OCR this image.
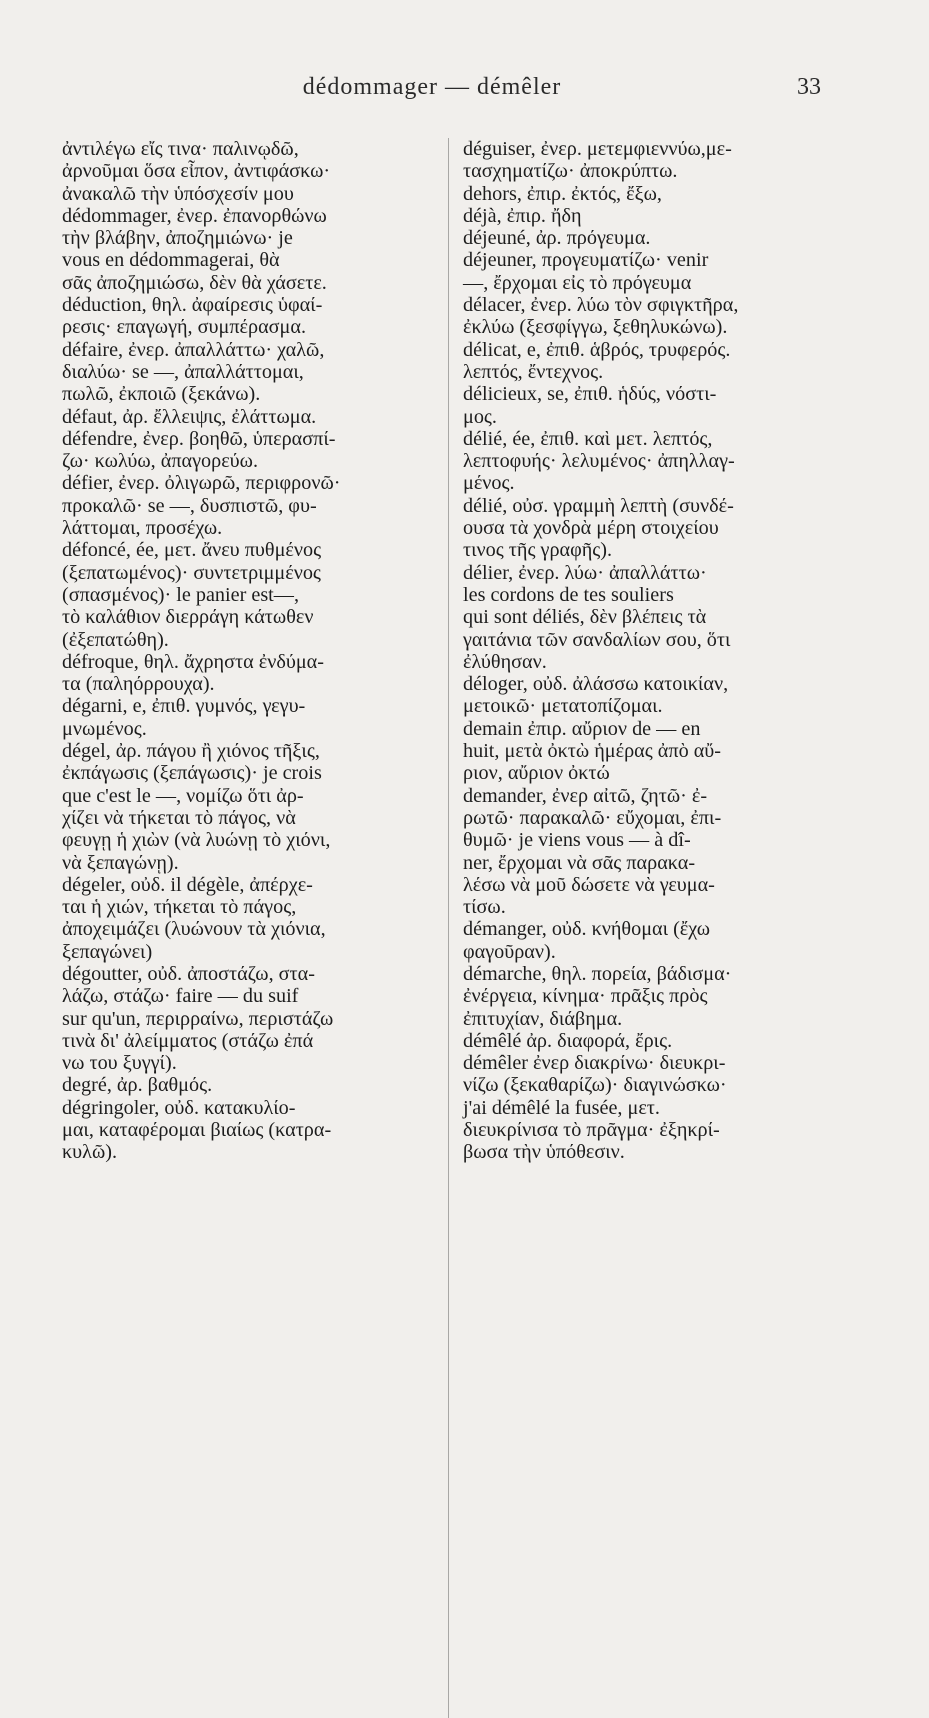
dédommager — démêler	33
ἀντιλέγω εἴς τινα· παλινῳδῶ,
ἀρνοῦμαι ὅσα εἶπον, ἀντιφάσκω·
ἀνακαλῶ τὴν ὑπόσχεσίν μου
dédommager, ἐνερ. ἐπανορθώνω
τὴν βλάβην, ἀποζημιώνω· je
vous en dédommagerai, θὰ
σᾶς ἀποζημιώσω, δὲν θὰ χάσετε.
déduction, θηλ. ἀφαίρεσις ὑφαί-
ρεσις· επαγωγή, συμπέρασμα.
défaire, ἐνερ. ἀπαλλάττω· χαλῶ,
διαλύω· se —, ἀπαλλάττομαι,
πωλῶ, ἐκποιῶ (ξεκάνω).
défaut, ἀρ. ἔλλειψις, ἐλάττωμα.
défendre, ἐνερ. βοηθῶ, ὑπερασπί-
ζω· κωλύω, ἀπαγορεύω.
défier, ἐνερ. ὀλιγωρῶ, περιφρονῶ·
προκαλῶ· se —, δυσπιστῶ, φυ-
λάττομαι, προσέχω.
défoncé, ée, μετ. ἄνευ πυθμένος
(ξεπατωμένος)· συντετριμμένος
(σπασμένος)· le panier est—,
τὸ καλάθιον διερράγη κάτωθεν
(ἐξεπατώθη).
défroque, θηλ. ἄχρηστα ἐνδύμα-
τα (παληόρρουχα).
dégarni, e, ἐπιθ. γυμνός, γεγυ-
μνωμένος.
dégel, ἀρ. πάγου ἢ χιόνος τῆξις,
ἐκπάγωσις (ξεπάγωσις)· je crois
que c'est le —, νομίζω ὅτι ἀρ-
χίζει νὰ τήκεται τὸ πάγος, νὰ
φευγῃ ἡ χιὼν (νὰ λυώνῃ τὸ χιόνι,
νὰ ξεπαγώνῃ).
dégeler, οὐδ. il dégèle, ἀπέρχε-
ται ἡ χιών, τήκεται τὸ πάγος,
ἀποχειμάζει (λυώνουν τὰ χιόνια,
ξεπαγώνει)
dégoutter, οὐδ. ἀποστάζω, στα-
λάζω, στάζω· faire — du suif
sur qu'un, περιρραίνω, περιστάζω
τινὰ δι' ἀλείμματος (στάζω ἐπά
νω του ξυγγί).
degré, ἀρ. βαθμός.
dégringoler, οὐδ. κατακυλίο-
μαι, καταφέρομαι βιαίως (κατρα-
κυλῶ).
déguiser, ἐνερ. μετεμφιεννύω,με-
τασχηματίζω· ἀποκρύπτω.
dehors, ἐπιρ. ἐκτός, ἔξω,
déjà, ἐπιρ. ἤδη
déjeuné, ἀρ. πρόγευμα.
déjeuner, προγευματίζω· venir
—, ἔρχομαι εἰς τὸ πρόγευμα
délacer, ἐνερ. λύω τὸν σφιγκτῆρα,
ἐκλύω (ξεσφίγγω, ξεθηλυκώνω).
délicat, e, ἐπιθ. ἁβρός, τρυφερός.
λεπτός, ἔντεχνος.
délicieux, se, ἐπιθ. ἡδύς, νόστι-
μος.
délié, ée, ἐπιθ. καὶ μετ. λεπτός,
λεπτοφυής· λελυμένος· ἀπηλλαγ-
μένος.
délié, οὐσ. γραμμὴ λεπτὴ (συνδέ-
ουσα τὰ χονδρὰ μέρη στοιχείου
τινος τῆς γραφῆς).
délier, ἐνερ. λύω· ἀπαλλάττω·
les cordons de tes souliers
qui sont déliés, δὲν βλέπεις τὰ
γαιτάνια τῶν σανδαλίων σου, ὅτι
ἐλύθησαν.
déloger, οὐδ. ἀλάσσω κατοικίαν,
μετοικῶ· μετατοπίζομαι.
demain ἐπιρ. αὔριον de — en
huit, μετὰ ὀκτὼ ἡμέρας ἀπὸ αὔ-
ριον, αὔριον ὀκτώ
demander, ἐνερ αἰτῶ, ζητῶ· ἐ-
ρωτῶ· παρακαλῶ· εὔχομαι, ἐπι-
θυμῶ· je viens vous — à dî-
ner, ἔρχομαι νὰ σᾶς παρακα-
λέσω νὰ μοῦ δώσετε νὰ γευμα-
τίσω.
démanger, οὐδ. κνήθομαι (ἔχω
φαγοῦραν).
démarche, θηλ. πορεία, βάδισμα·
ἐνέργεια, κίνημα· πρᾶξις πρὸς
ἐπιτυχίαν, διάβημα.
démêlé ἀρ. διαφορά, ἔρις.
démêler ἐνερ διακρίνω· διευκρι-
νίζω (ξεκαθαρίζω)· διαγινώσκω·
j'ai démêlé la fusée, μετ.
διευκρίνισα τὸ πρᾶγμα· ἐξηκρί-
βωσα τὴν ὑπόθεσιν.
